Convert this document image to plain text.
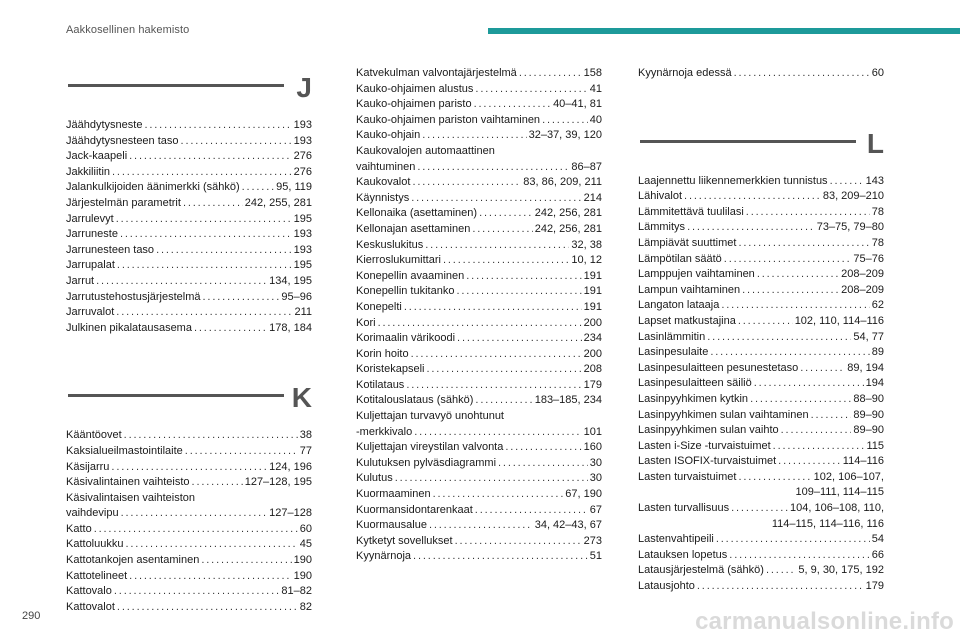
Aakkosellinen hakemisto
J
Jäähdytysneste . . .	193
Jäähdytysnesteen taso . . .	193
Jack-kaapeli . . .	276
Jakkiliitin . . .	276
Jalankulkijoiden äänimerkki (sähkö) . . .	95, 119
Järjestelmän parametrit . . .	242, 255, 281
Jarrulevyt . . .	195
Jarruneste . . .	193
Jarrunesteen taso . . .	193
Jarrupalat . . .	195
Jarrut . . .	134, 195
Jarrutustehostusjärjestelmä . . .	95–96
Jarruvalot . . .	211
Julkinen pikalatausasema . . .	178, 184
K
Kääntöovet . . .	38
Kaksialueilmastointilaite . . .	77
Käsijarru . . .	124, 196
Käsivalintainen vaihteisto . . .	127–128, 195
Käsivalintaisen vaihteiston
vaihdevipu . . .	127–128
Katto . . .	60
Kattoluukku . . .	45
Kattotankojen asentaminen . . .	190
Kattotelineet . . .	190
Kattovalo . . .	81–82
Kattovalot . . .	82
Katvekulman valvontajärjestelmä . . .	158
Kauko-ohjaimen alustus . . .	41
Kauko-ohjaimen paristo . . .	40–41, 81
Kauko-ohjaimen pariston vaihtaminen . . .	40
Kauko-ohjain . . .	32–37, 39, 120
Kaukovalojen automaattinen
vaihtuminen . . .	86–87
Kaukovalot . . .	83, 86, 209, 211
Käynnistys . . .	214
Kellonaika (asettaminen) . . .	242, 256, 281
Kellonajan asettaminen . . .	242, 256, 281
Keskuslukitus . . .	32, 38
Kierroslukumittari . . .	10, 12
Konepellin avaaminen . . .	191
Konepellin tukitanko . . .	191
Konepelti . . .	191
Kori . . .	200
Korimaalin värikoodi . . .	234
Korin hoito . . .	200
Koristekapseli . . .	208
Kotilataus . . .	179
Kotitalouslataus (sähkö) . . .	183–185, 234
Kuljettajan turvavyö unohtunut
-merkkivalo . . .	101
Kuljettajan vireystilan valvonta . . .	160
Kulutuksen pylväsdiagrammi . . .	30
Kulutus . . .	30
Kuormaaminen . . .	67, 190
Kuormansidontarenkaat . . .	67
Kuormausalue . . .	34, 42–43, 67
Kytketyt sovellukset . . .	273
Kyynärnoja . . .	51
Kyynärnoja edessä . . .	60
L
Laajennettu liikennemerkkien tunnistus . . .	143
Lähivalot . . .	83, 209–210
Lämmitettävä tuulilasi . . .	78
Lämmitys . . .	73–75, 79–80
Lämpiävät suuttimet . . .	78
Lämpötilan säätö . . .	75–76
Lamppujen vaihtaminen . . .	208–209
Lampun vaihtaminen . . .	208–209
Langaton lataaja . . .	62
Lapset matkustajina . . .	102, 110, 114–116
Lasinlämmitin . . .	54, 77
Lasinpesulaite . . .	89
Lasinpesulaitteen pesunestetaso . . .	89, 194
Lasinpesulaitteen säiliö . . .	194
Lasinpyyhkimen kytkin . . .	88–90
Lasinpyyhkimen sulan vaihtaminen . . .	89–90
Lasinpyyhkimen sulan vaihto . . .	89–90
Lasten i-Size -turvaistuimet . . .	115
Lasten ISOFIX-turvaistuimet . . .	114–116
Lasten turvaistuimet . . .	102, 106–107,
109–111, 114–115
Lasten turvallisuus . . .	104, 106–108, 110,
114–115, 114–116, 116
Lastenvahtipeili . . .	54
Latauksen lopetus . . .	66
Latausjärjestelmä (sähkö) . . .	5, 9, 30, 175, 192
Latausjohto . . .	179
290	carmanualsonline.info
